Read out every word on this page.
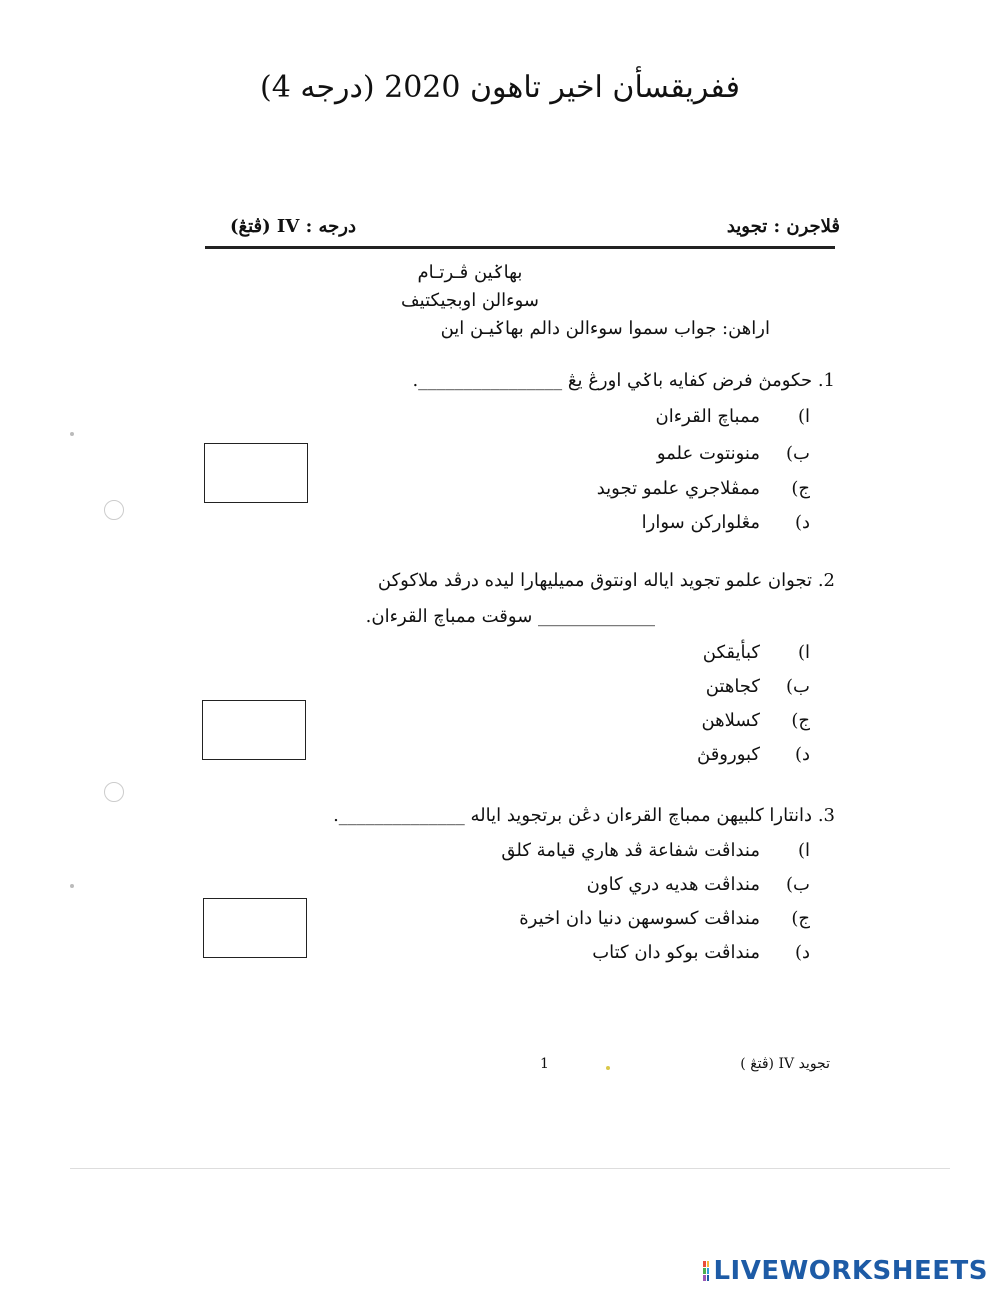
ففريقسأن اخير تاهون 2020 (درجه 4)
ڤلاجرن : تجويد
درجه : IV (ڤتڠ)
بهاݢين ڤـرتـام
سوءالن اوبجيكتيف
اراهن: جواب سموا سوءالن دالم بهاݢيـن اين
1. حکومڽ فرض کفايه باݢي اورڠ يڠ ________________.
ا)ممباچ القرءان
ب)منونتوت علمو
ج)ممڤلاجري علمو تجويد
د)مڠلواركن سوارا
2. تجوان علمو تجويد اياله اونتوق مميليهارا ليده درڤد ملاكوكن
_____________ سوقت ممباچ القرءان.
ا)كبأيقكن
ب)كجاهتن
ج)كسلاهن
د)كبوروقڽ
3. دانتارا كلبيهن ممباچ القرءان دڠن برتجويد اياله ______________.
ا)منداڤت شفاعة ڤد هاري قيامة كلق
ب)منداڤت هديه دري كاون
ج)منداڤت كسوسهن دنيا دان اخيرة
د)منداڤت بوكو دان كتاب
1	تجويد IV (ڤتڠ )
LIVEWORKSHEETS
